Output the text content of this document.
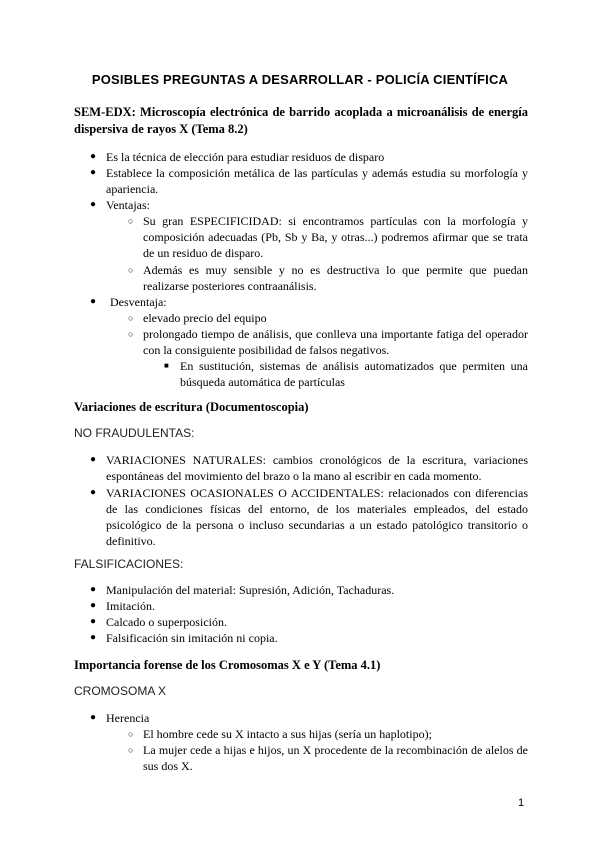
POSIBLES PREGUNTAS A DESARROLLAR - POLICÍA CIENTÍFICA
SEM-EDX: Microscopía electrónica de barrido acoplada a microanálisis de energía dispersiva de rayos X (Tema 8.2)
● Es la técnica de elección para estudiar residuos de disparo
● Establece la composición metálica de las partículas y además estudia su morfología y apariencia.
● Ventajas:
○ Su gran ESPECIFICIDAD: si encontramos partículas con la morfología y composición adecuadas (Pb, Sb y Ba, y otras...) podremos afirmar que se trata de un residuo de disparo.
○ Además es muy sensible y no es destructiva lo que permite que puedan realizarse posteriores contraanálisis.
● Desventaja:
○ elevado precio del equipo
○ prolongado tiempo de análisis, que conlleva una importante fatiga del operador con la consiguiente posibilidad de falsos negativos.
■ En sustitución, sistemas de análisis automatizados que permiten una búsqueda automática de partículas
Variaciones de escritura (Documentoscopia)
NO FRAUDULENTAS:
● VARIACIONES NATURALES: cambios cronológicos de la escritura, variaciones espontáneas del movimiento del brazo o la mano al escribir en cada momento.
● VARIACIONES OCASIONALES O ACCIDENTALES: relacionados con diferencias de las condiciones físicas del entorno, de los materiales empleados, del estado psicológico de la persona o incluso secundarias a un estado patológico transitorio o definitivo.
FALSIFICACIONES:
● Manipulación del material: Supresión, Adición, Tachaduras.
● Imitación.
● Calcado o superposición.
● Falsificación sin imitación ni copia.
Importancia forense de los Cromosomas X e Y (Tema 4.1)
CROMOSOMA X
● Herencia
○ El hombre cede su X intacto a sus hijas (sería un haplotipo);
○ La mujer cede a hijas e hijos, un X procedente de la recombinación de alelos de sus dos X.
1
